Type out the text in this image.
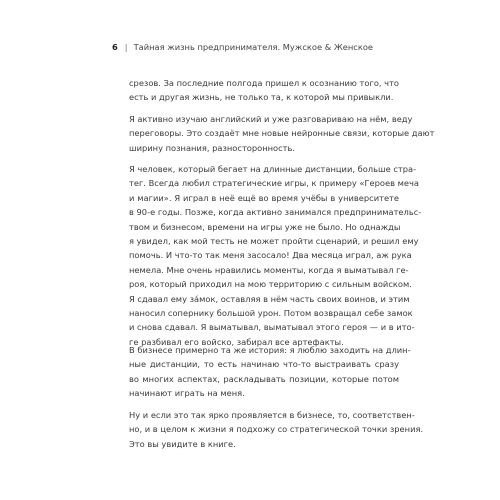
6 | Тайная жизнь предпринимателя. Мужское & Женское
срезов. За последние полгода пришел к осознанию того, что
есть и другая жизнь, не только та, к которой мы привыкли.
Я активно изучаю английский и уже разговариваю на нём, веду
переговоры. Это создаёт мне новые нейронные связи, которые дают
ширину познания, разносторонность.
Я человек, который бегает на длинные дистанции, больше стра-
тег. Всегда любил стратегические игры, к примеру «Героев меча
и магии». Я играл в неё ещё во время учёбы в университете
в 90-е годы. Позже, когда активно занимался предпринимательс-
твом и бизнесом, времени на игры уже не было. Но однажды
я увидел, как мой тесть не может пройти сценарий, и решил ему
помочь. И что-то так меня засосало! Два месяца играл, аж рука
немела. Мне очень нравились моменты, когда я выматывал ге-
роя, который приходил на мою территорию с сильным войском.
Я сдавал ему за́мок, оставляя в нём часть своих воинов, и этим
наносил сопернику большой урон. Потом возвращал себе замок
и снова сдавал. Я выматывал, выматывал этого героя — и в ито-
ге разбивал его войско, забирал все артефакты.
В бизнесе примерно та же история: я люблю заходить на длин-
ные дистанции, то есть начинаю что-то выстраивать сразу
во многих аспектах, раскладывать позиции, которые потом
начинают играть на меня.
Ну и если это так ярко проявляется в бизнесе, то, соответствен-
но, и в целом к жизни я подхожу со стратегической точки зрения.
Это вы увидите в книге.
